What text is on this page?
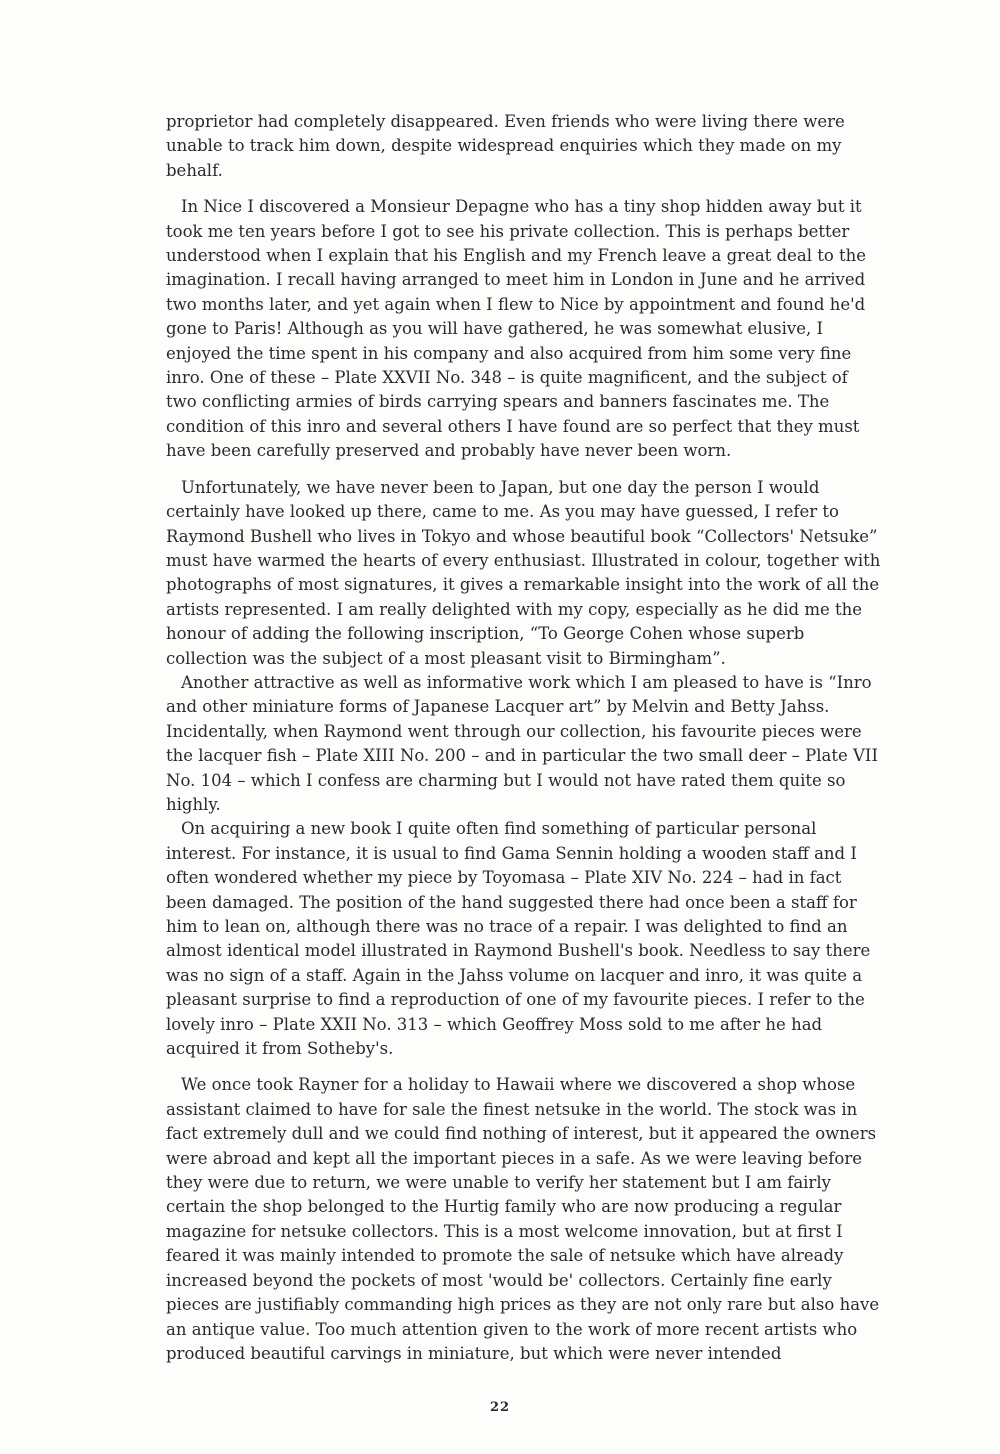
proprietor had completely disappeared. Even friends who were living there were unable to track him down, despite widespread enquiries which they made on my behalf.

In Nice I discovered a Monsieur Depagne who has a tiny shop hidden away but it took me ten years before I got to see his private collection. This is perhaps better understood when I explain that his English and my French leave a great deal to the imagination. I recall having arranged to meet him in London in June and he arrived two months later, and yet again when I flew to Nice by appointment and found he'd gone to Paris! Although as you will have gathered, he was somewhat elusive, I enjoyed the time spent in his company and also acquired from him some very fine inro. One of these – Plate XXVII No. 348 – is quite magnificent, and the subject of two conflicting armies of birds carrying spears and banners fascinates me. The condition of this inro and several others I have found are so perfect that they must have been carefully preserved and probably have never been worn.

Unfortunately, we have never been to Japan, but one day the person I would certainly have looked up there, came to me. As you may have guessed, I refer to Raymond Bushell who lives in Tokyo and whose beautiful book “Collectors' Netsuke” must have warmed the hearts of every enthusiast. Illustrated in colour, together with photographs of most signatures, it gives a remarkable insight into the work of all the artists represented. I am really delighted with my copy, especially as he did me the honour of adding the following inscription, “To George Cohen whose superb collection was the subject of a most pleasant visit to Birmingham”.

Another attractive as well as informative work which I am pleased to have is “Inro and other miniature forms of Japanese Lacquer art” by Melvin and Betty Jahss. Incidentally, when Raymond went through our collection, his favourite pieces were the lacquer fish – Plate XIII No. 200 – and in particular the two small deer – Plate VII No. 104 – which I confess are charming but I would not have rated them quite so highly.

On acquiring a new book I quite often find something of particular personal interest. For instance, it is usual to find Gama Sennin holding a wooden staff and I often wondered whether my piece by Toyomasa – Plate XIV No. 224 – had in fact been damaged. The position of the hand suggested there had once been a staff for him to lean on, although there was no trace of a repair. I was delighted to find an almost identical model illustrated in Raymond Bushell's book. Needless to say there was no sign of a staff. Again in the Jahss volume on lacquer and inro, it was quite a pleasant surprise to find a reproduction of one of my favourite pieces. I refer to the lovely inro – Plate XXII No. 313 – which Geoffrey Moss sold to me after he had acquired it from Sotheby's.

We once took Rayner for a holiday to Hawaii where we discovered a shop whose assistant claimed to have for sale the finest netsuke in the world. The stock was in fact extremely dull and we could find nothing of interest, but it appeared the owners were abroad and kept all the important pieces in a safe. As we were leaving before they were due to return, we were unable to verify her statement but I am fairly certain the shop belonged to the Hurtig family who are now producing a regular magazine for netsuke collectors. This is a most welcome innovation, but at first I feared it was mainly intended to promote the sale of netsuke which have already increased beyond the pockets of most 'would be' collectors. Certainly fine early pieces are justifiably commanding high prices as they are not only rare but also have an antique value. Too much attention given to the work of more recent artists who produced beautiful carvings in miniature, but which were never intended

22
